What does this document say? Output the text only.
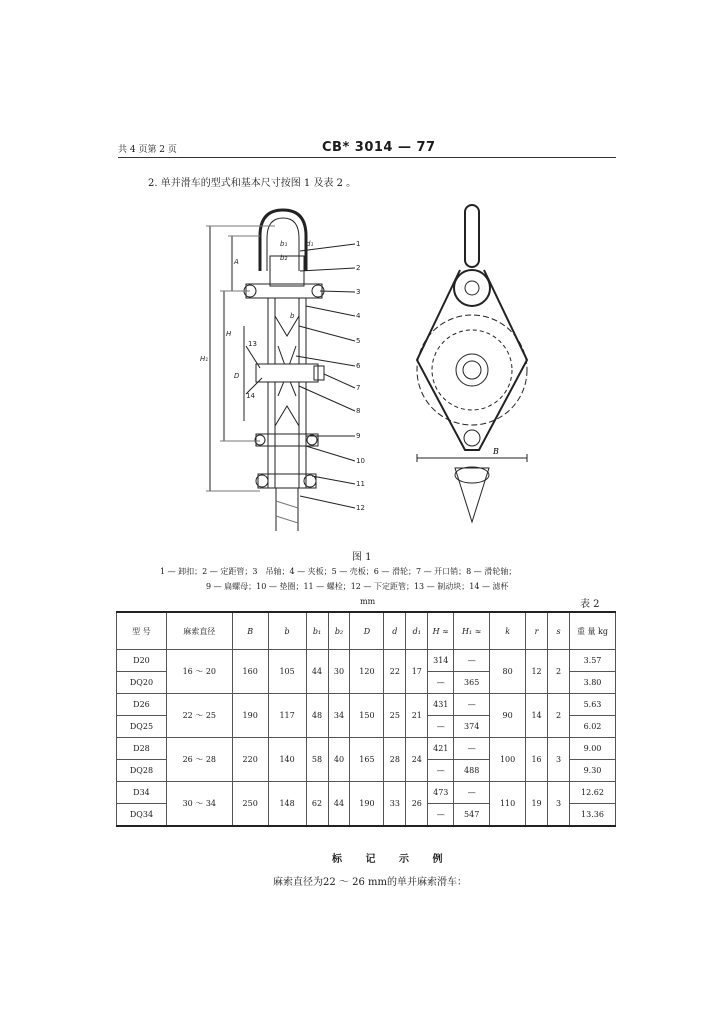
共 4 页第 2 页	CB* 3014 — 77
2. 单并滑车的型式和基本尺寸按图 1 及表 2 。
1
2
3
4
5
6
7
8
9
10
11
12
13
14
b₁	d₁
b₂
b
A
H
H₁
D
B
图 1
1 — 卸扣；2 — 定距管；3　吊轴；4 — 夹板；5 — 壳板；6 — 滑轮；7 — 开口销；8 — 滑轮轴；
9 — 扁螺母；10 — 垫圈；11 — 螺栓；12 — 下定距管；13 — 制动块；14 — 滤杯
mm	表 2
型 号	麻索直径	B	b	b₁	b₂	D	d	d₁	H ≈	H₁ ≈	k	r	s	重 量 kg
D20	16 ～ 20	160	105	44	30	120	22	17	314	—	80	12	2	3.57
DQ20									—	365				3.80
D26	22 ～ 25	190	117	48	34	150	25	21	431	—	90	14	2	5.63
DQ25									—	374				6.02
D28	26 ～ 28	220	140	58	40	165	28	24	421	—	100	16	3	9.00
DQ28									—	488				9.30
D34	30 ～ 34	250	148	62	44	190	33	26	473	—	110	19	3	12.62
DQ34									—	547				13.36
标 记 示 例
麻索直径为22 ～ 26 mm的单并麻索滑车：
